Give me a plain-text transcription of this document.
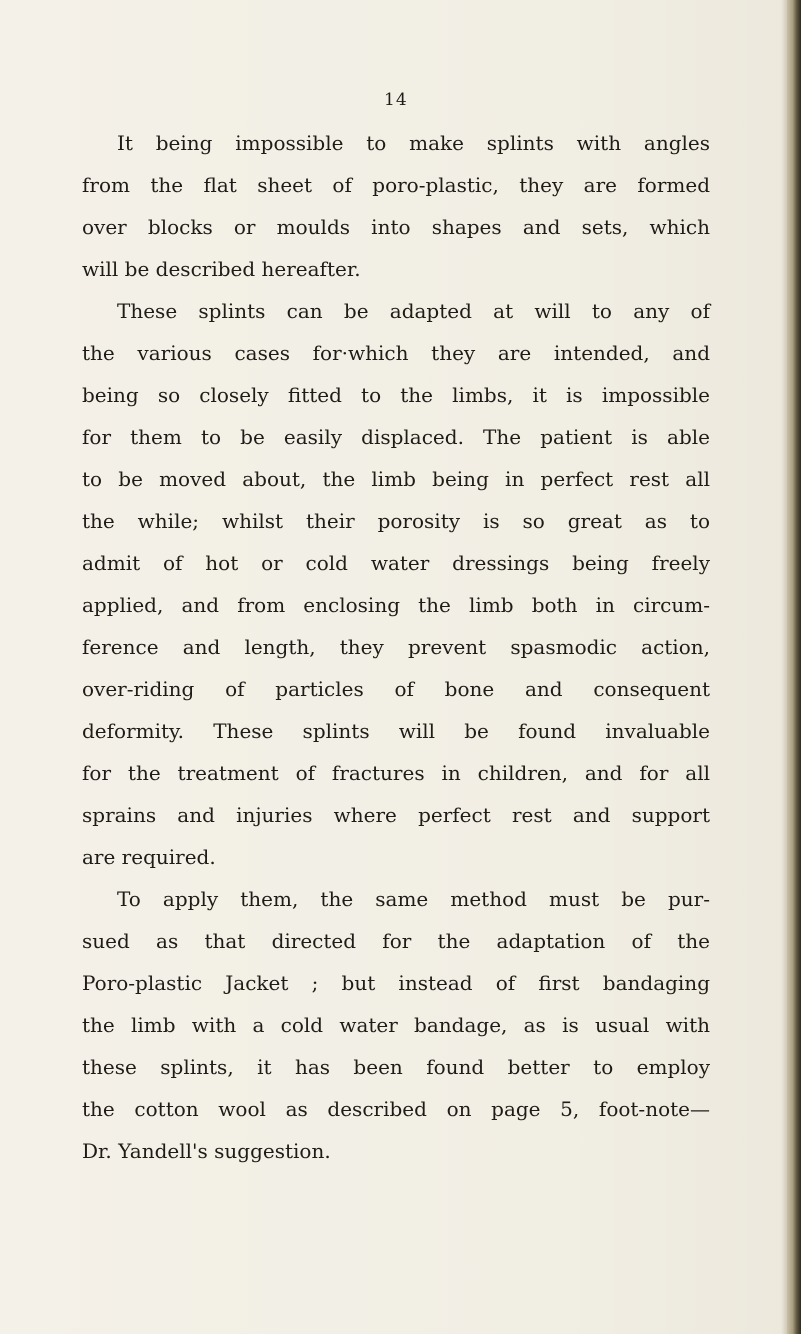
14

It being impossible to make splints with angles
from the flat sheet of poro-plastic, they are formed
over blocks or moulds into shapes and sets, which
will be described hereafter.

These splints can be adapted at will to any of
the various cases for·which they are intended, and
being so closely fitted to the limbs, it is impossible
for them to be easily displaced. The patient is able
to be moved about, the limb being in perfect rest all
the while; whilst their porosity is so great as to
admit of hot or cold water dressings being freely
applied, and from enclosing the limb both in circum-
ference and length, they prevent spasmodic action,
over-riding of particles of bone and consequent
deformity. These splints will be found invaluable
for the treatment of fractures in children, and for all
sprains and injuries where perfect rest and support
are required.

To apply them, the same method must be pur-
sued as that directed for the adaptation of the
Poro-plastic Jacket ; but instead of first bandaging
the limb with a cold water bandage, as is usual with
these splints, it has been found better to employ
the cotton wool as described on page 5, foot-note—
Dr. Yandell's suggestion.
